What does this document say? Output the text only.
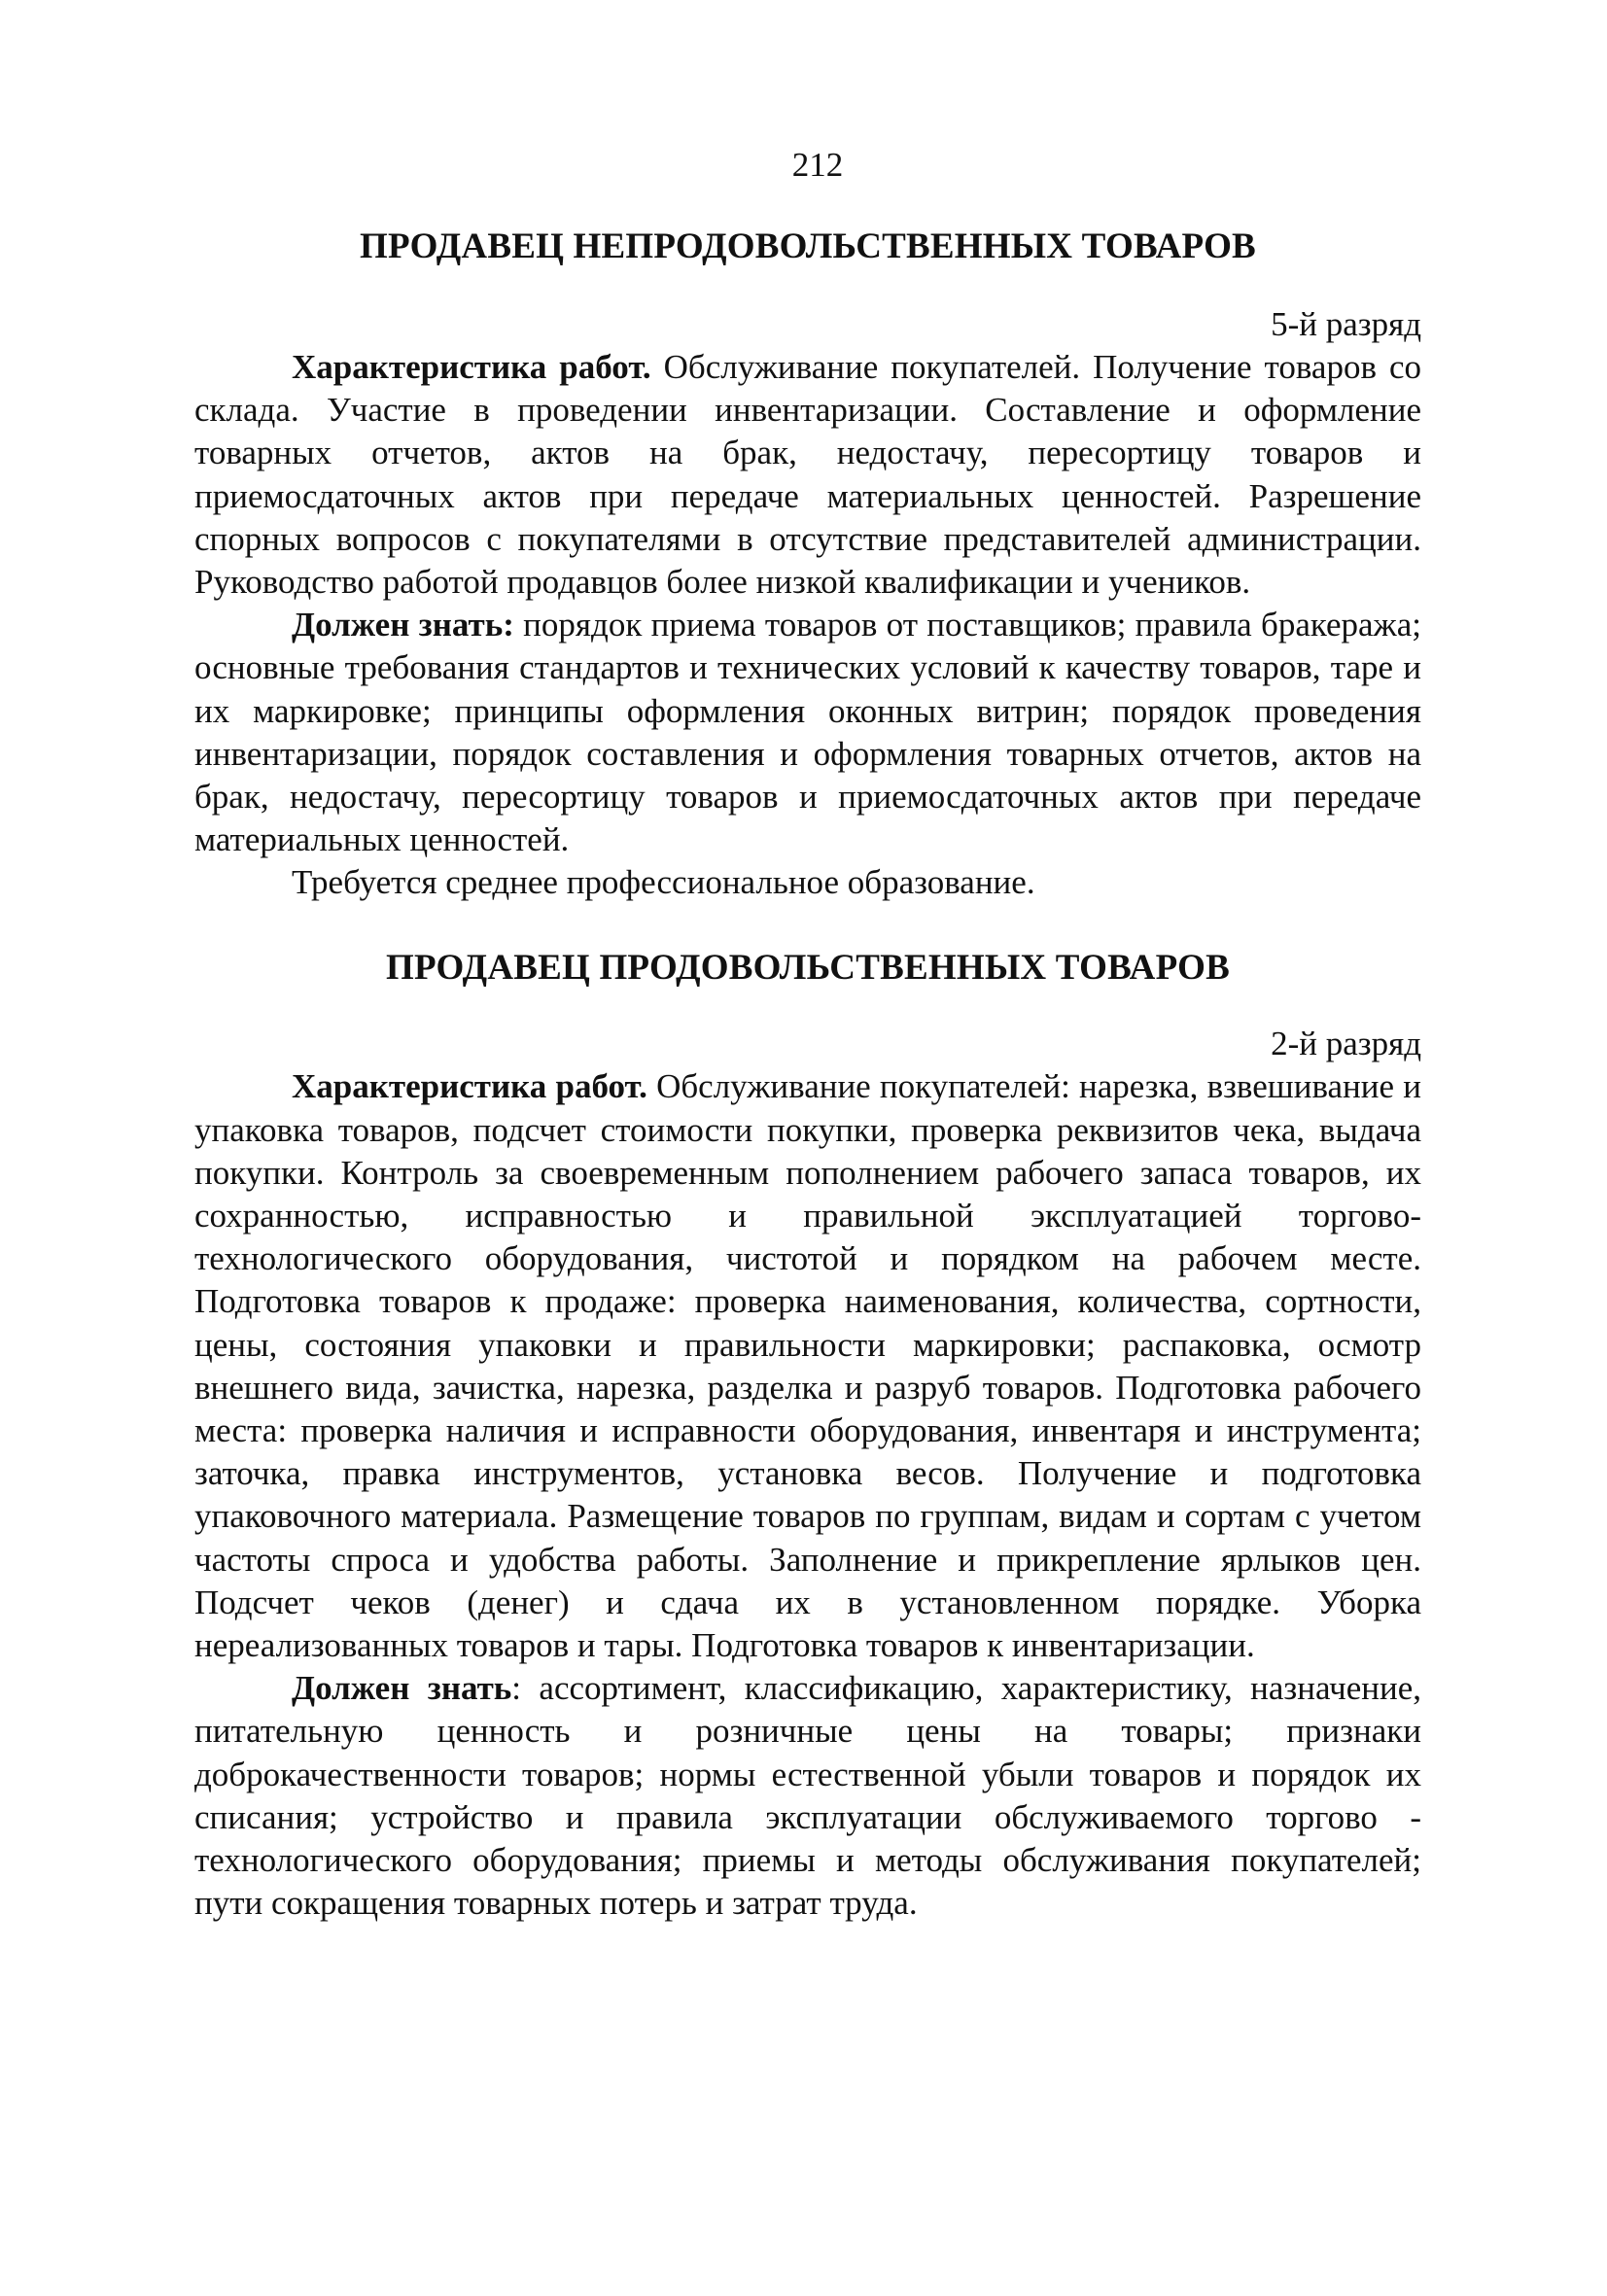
212
ПРОДАВЕЦ НЕПРОДОВОЛЬСТВЕННЫХ ТОВАРОВ
5-й разряд

Характеристика работ. Обслуживание покупателей. Получение товаров со склада. Участие в проведении инвентаризации. Составление и оформление товарных отчетов, актов на брак, недостачу, пересортицу товаров и приемосдаточных актов при передаче материальных ценностей. Разрешение спорных вопросов с покупателями в отсутствие представителей администрации. Руководство работой продавцов более низкой квалификации и учеников.

Должен знать: порядок приема товаров от поставщиков; правила бракеража; основные требования стандартов и технических условий к качеству товаров, таре и их маркировке; принципы оформления оконных витрин; порядок проведения инвентаризации, порядок составления и оформления товарных отчетов, актов на брак, недостачу, пересортицу товаров и приемосдаточных актов при передаче материальных ценностей.

Требуется среднее профессиональное образование.

ПРОДАВЕЦ ПРОДОВОЛЬСТВЕННЫХ ТОВАРОВ
2-й разряд

Характеристика работ. Обслуживание покупателей: нарезка, взвешивание и упаковка товаров, подсчет стоимости покупки, проверка реквизитов чека, выдача покупки. Контроль за своевременным пополнением рабочего запаса товаров, их сохранностью, исправностью и правильной эксплуатацией торгово-технологического оборудования, чистотой и порядком на рабочем месте. Подготовка товаров к продаже: проверка наименования, количества, сортности, цены, состояния упаковки и правильности маркировки; распаковка, осмотр внешнего вида, зачистка, нарезка, разделка и разруб товаров. Подготовка рабочего места: проверка наличия и исправности оборудования, инвентаря и инструмента; заточка, правка инструментов, установка весов. Получение и подготовка упаковочного материала. Размещение товаров по группам, видам и сортам с учетом частоты спроса и удобства работы. Заполнение и прикрепление ярлыков цен. Подсчет чеков (денег) и сдача их в установленном порядке. Уборка нереализованных товаров и тары. Подготовка товаров к инвентаризации.

Должен знать: ассортимент, классификацию, характеристику, назначение, питательную ценность и розничные цены на товары; признаки доброкачественности товаров; нормы естественной убыли товаров и порядок их списания; устройство и правила эксплуатации обслуживаемого торгово - технологического оборудования; приемы и методы обслуживания покупателей; пути сокращения товарных потерь и затрат труда.
